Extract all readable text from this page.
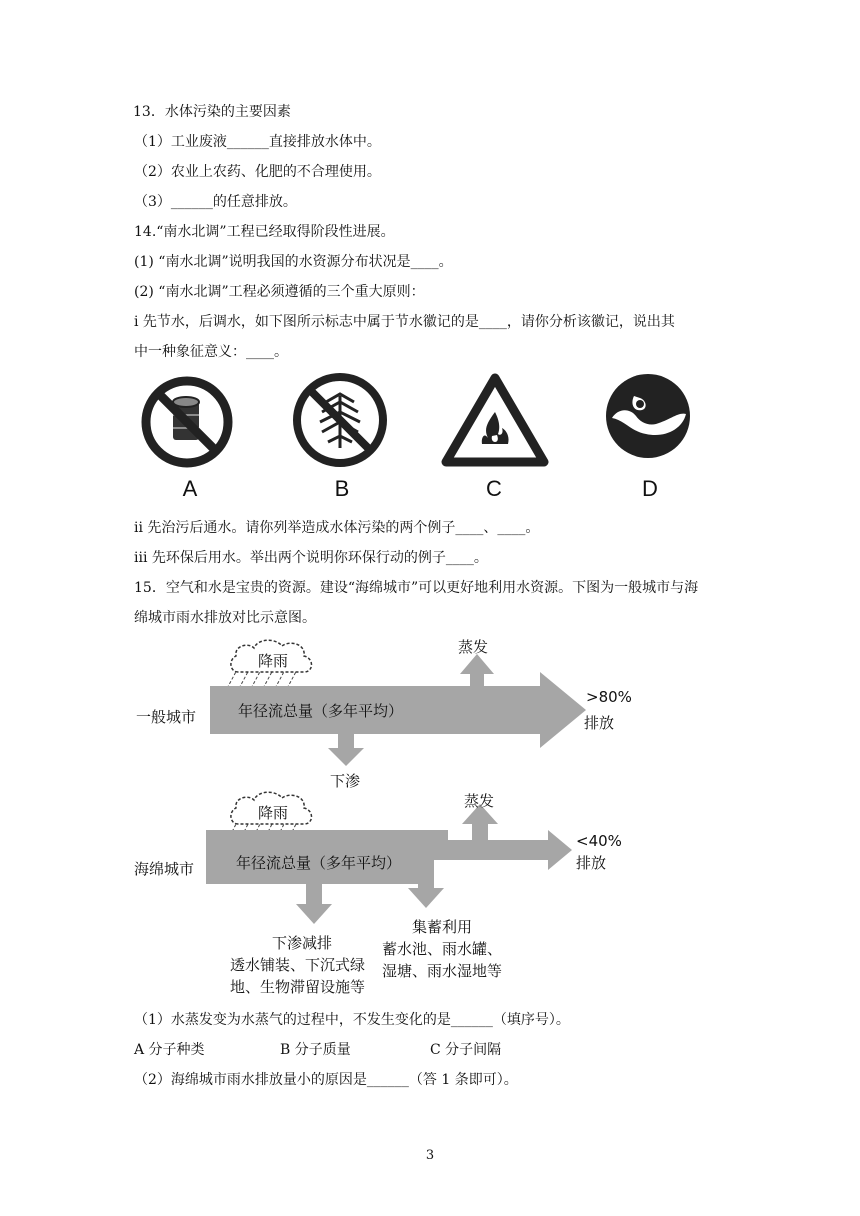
13．水体污染的主要因素
（1）工业废液______直接排放水体中。
（2）农业上农药、化肥的不合理使用。
（3）______的任意排放。
14.“南水北调”工程已经取得阶段性进展。
(1) “南水北调”说明我国的水资源分布状况是____。
(2) “南水北调”工程必须遵循的三个重大原则：
i 先节水，后调水，如下图所示标志中属于节水徽记的是____，请你分析该徽记，说出其
中一种象征意义：____。
A	B	C	D
ii 先治污后通水。请你列举造成水体污染的两个例子____、____。
iii 先环保后用水。举出两个说明你环保行动的例子____。
15．空气和水是宝贵的资源。建设“海绵城市”可以更好地利用水资源。下图为一般城市与海
绵城市雨水排放对比示意图。
降雨
蒸发
年径流总量（多年平均）
一般城市
>80%
排放
下渗
降雨
蒸发
年径流总量（多年平均）
海绵城市
<40%
排放
下渗减排
透水铺装、下沉式绿
地、生物滞留设施等
集蓄利用
蓄水池、雨水罐、
湿塘、雨水湿地等
（1）水蒸发变为水蒸气的过程中，不发生变化的是______（填序号）。
A 分子种类	B 分子质量	C 分子间隔
（2）海绵城市雨水排放量小的原因是______（答 1 条即可）。
3
